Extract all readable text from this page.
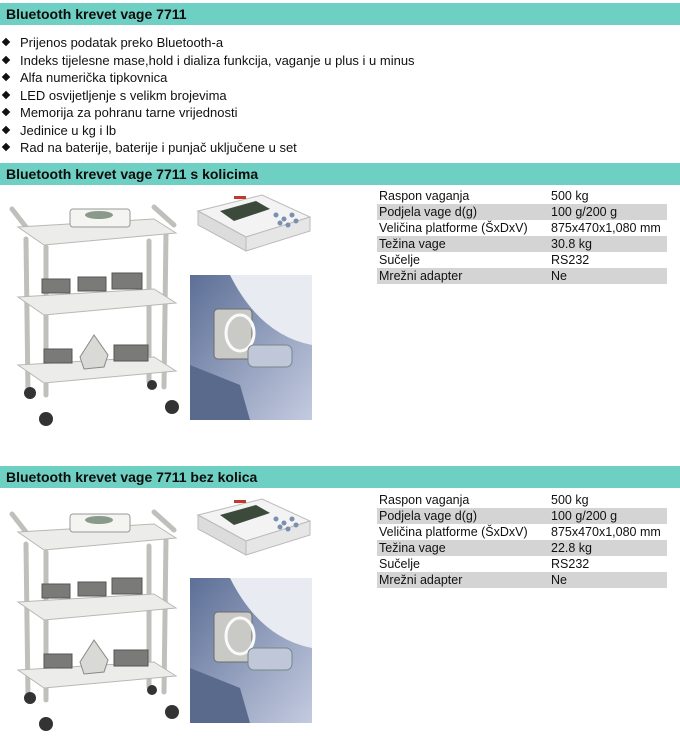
Bluetooth krevet vage 7711
Prijenos podatak preko Bluetooth-a
Indeks tijelesne mase,hold i dializa funkcija, vaganje u plus i u minus
Alfa numerička tipkovnica
LED osvijetljenje s velikm brojevima
Memorija za pohranu tarne vrijednosti
Jedinice u kg i lb
Rad na baterije, baterije i punjač uključene u set
Bluetooth krevet vage 7711 s kolicima
Raspon vaganja	500 kg
Podjela vage d(g)	100 g/200 g
Veličina platforme (ŠxDxV)	875x470x1,080 mm
Težina vage	30.8 kg
Sučelje	RS232
Mrežni adapter	Ne
Bluetooth krevet vage 7711 bez kolica
Raspon vaganja	500 kg
Podjela vage d(g)	100 g/200 g
Veličina platforme (ŠxDxV)	875x470x1,080 mm
Težina vage	22.8 kg
Sučelje	RS232
Mrežni adapter	Ne
